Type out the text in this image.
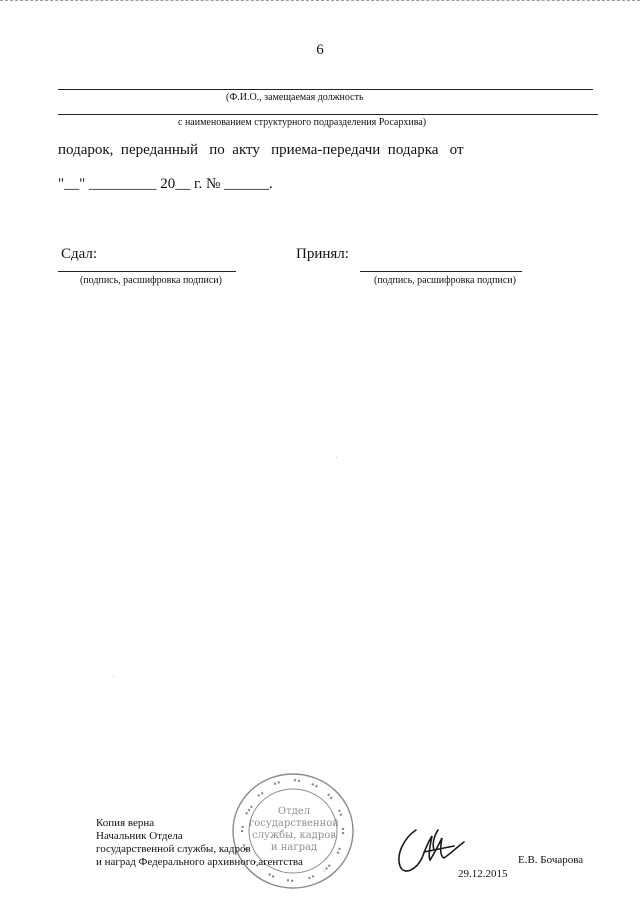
6
(Ф.И.О., замещаемая должность
с наименованием структурного подразделения Росархива)
подарок,  переданный   по  акту   приема-передачи  подарка   от
"__" _________ 20__ г. № ______.
Сдал:	Принял:
(подпись, расшифровка подписи)	(подпись, расшифровка подписи)
Отдел
государственной
службы, кадров
и наград
Копия верна
Начальник Отдела
государственной службы, кадров
и наград Федерального архивного агентства	Е.В. Бочарова
29.12.2015
